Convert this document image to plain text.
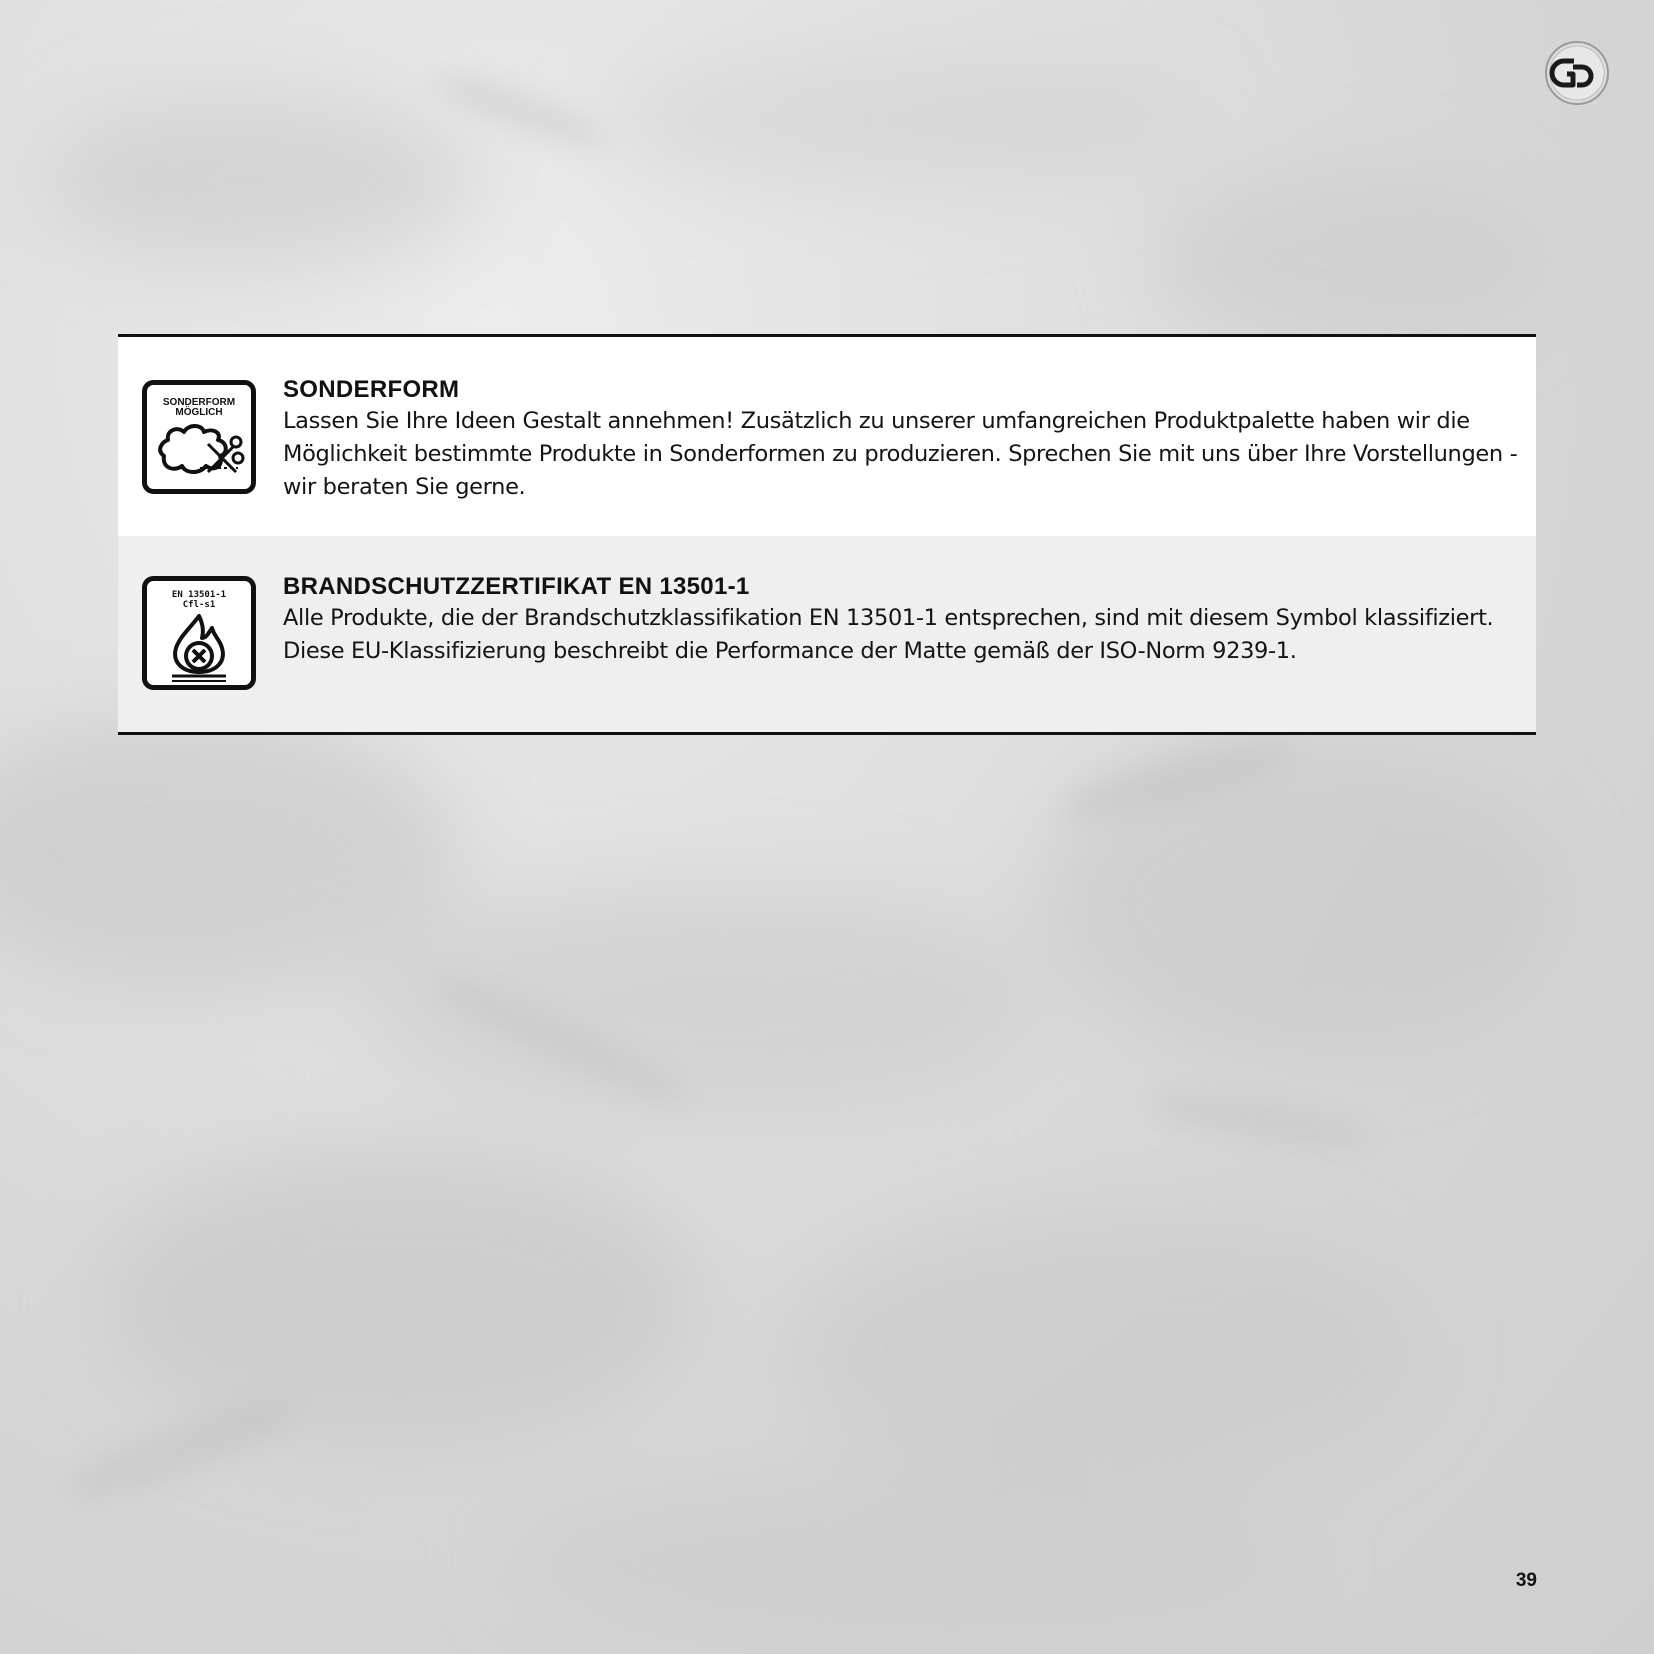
SONDERFORM
MÖGLICH
SONDERFORM
Lassen Sie Ihre Ideen Gestalt annehmen! Zusätzlich zu unserer umfangreichen Produktpalette haben wir die Möglichkeit bestimmte Produkte in Sonderformen zu produzieren. Sprechen Sie mit uns über Ihre Vorstellungen - wir beraten Sie gerne.
EN 13501-1
Cfl-s1
BRANDSCHUTZZERTIFIKAT EN 13501-1
Alle Produkte, die der Brandschutzklassifikation EN 13501-1 entsprechen, sind mit diesem Symbol klassifiziert. Diese EU-Klassifizierung beschreibt die Performance der Matte gemäß der ISO-Norm 9239-1.
39
